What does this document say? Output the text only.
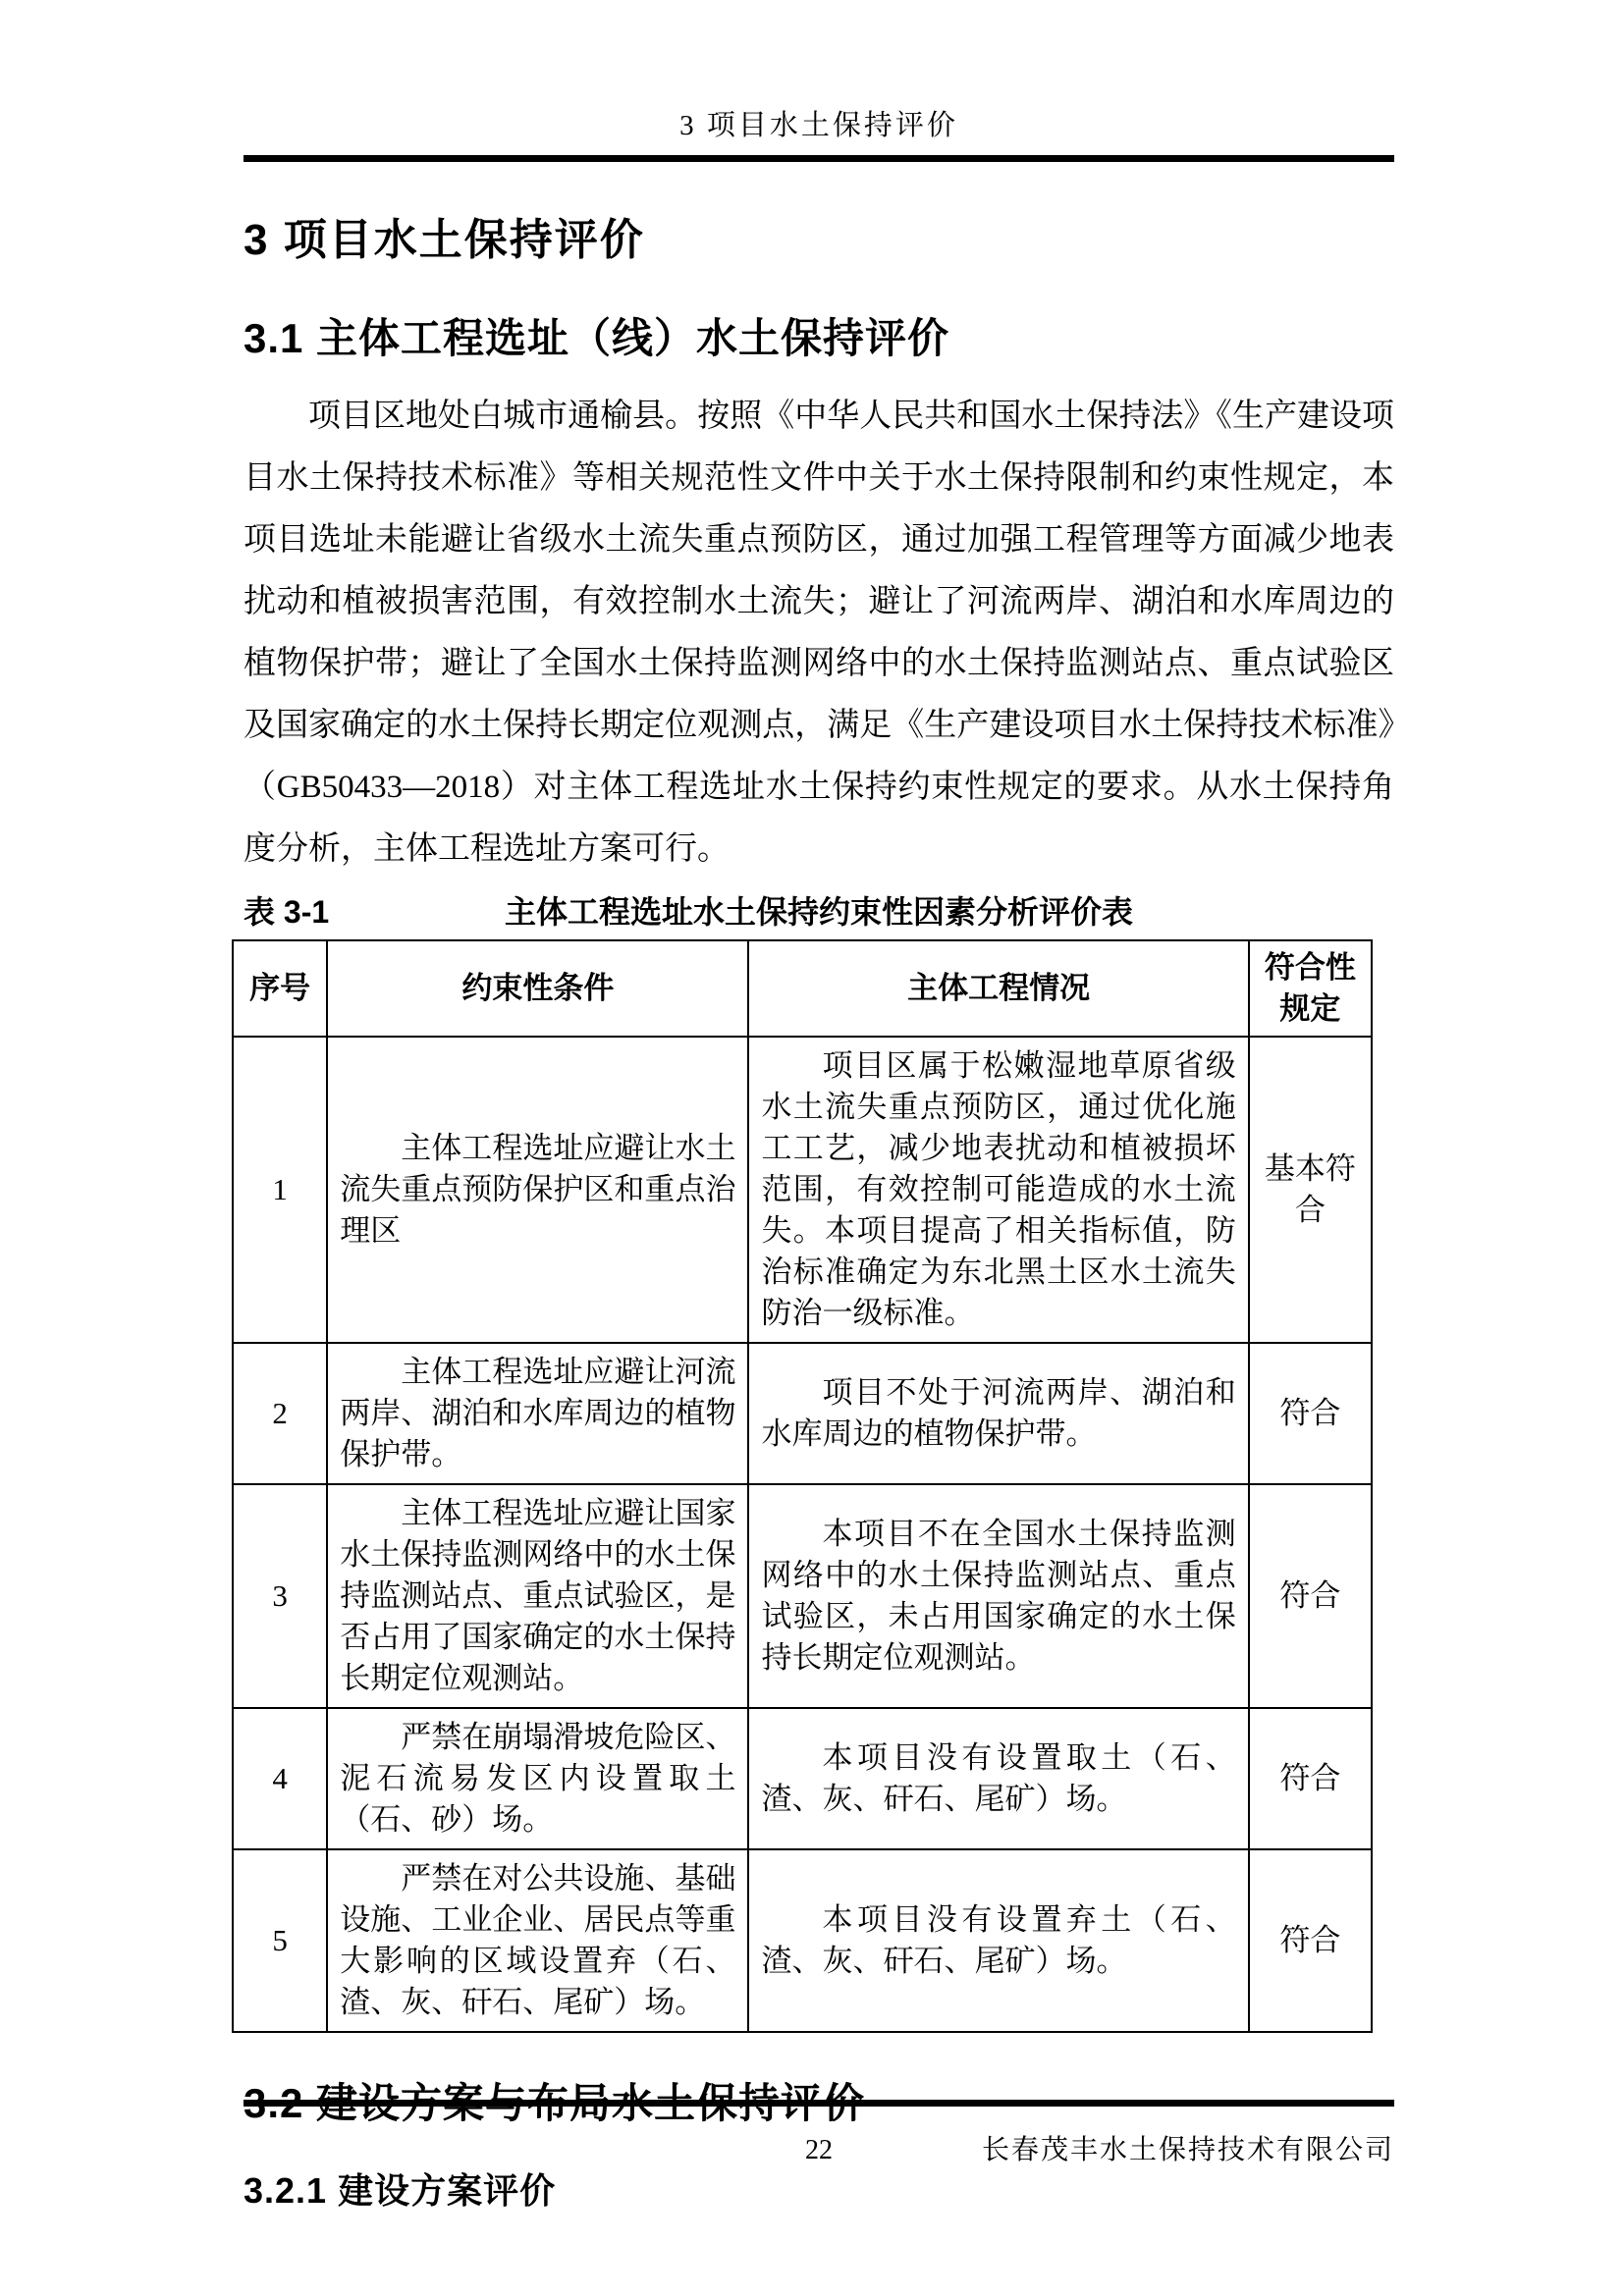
3 项目水土保持评价
3 项目水土保持评价
3.1 主体工程选址（线）水土保持评价

项目区地处白城市通榆县。按照《中华人民共和国水土保持法》《生产建设项目水土保持技术标准》等相关规范性文件中关于水土保持限制和约束性规定，本项目选址未能避让省级水土流失重点预防区，通过加强工程管理等方面减少地表扰动和植被损害范围，有效控制水土流失；避让了河流两岸、湖泊和水库周边的植物保护带；避让了全国水土保持监测网络中的水土保持监测站点、重点试验区及国家确定的水土保持长期定位观测点，满足《生产建设项目水土保持技术标准》（GB50433—2018）对主体工程选址水土保持约束性规定的要求。从水土保持角度分析，主体工程选址方案可行。

表 3-1	主体工程选址水土保持约束性因素分析评价表
序号	约束性条件	主体工程情况	符合性规定
1	主体工程选址应避让水土流失重点预防保护区和重点治理区	项目区属于松嫩湿地草原省级水土流失重点预防区，通过优化施工工艺，减少地表扰动和植被损坏范围，有效控制可能造成的水土流失。本项目提高了相关指标值，防治标准确定为东北黑土区水土流失防治一级标准。	基本符合
2	主体工程选址应避让河流两岸、湖泊和水库周边的植物保护带。	项目不处于河流两岸、湖泊和水库周边的植物保护带。	符合
3	主体工程选址应避让国家水土保持监测网络中的水土保持监测站点、重点试验区，是否占用了国家确定的水土保持长期定位观测站。	本项目不在全国水土保持监测网络中的水土保持监测站点、重点试验区，未占用国家确定的水土保持长期定位观测站。	符合
4	严禁在崩塌滑坡危险区、泥石流易发区内设置取土（石、砂）场。	本项目没有设置取土（石、渣、灰、矸石、尾矿）场。	符合
5	严禁在对公共设施、基础设施、工业企业、居民点等重大影响的区域设置弃（石、渣、灰、矸石、尾矿）场。	本项目没有设置弃土（石、渣、灰、矸石、尾矿）场。	符合
3.2 建设方案与布局水土保持评价
3.2.1 建设方案评价
22	长春茂丰水土保持技术有限公司
